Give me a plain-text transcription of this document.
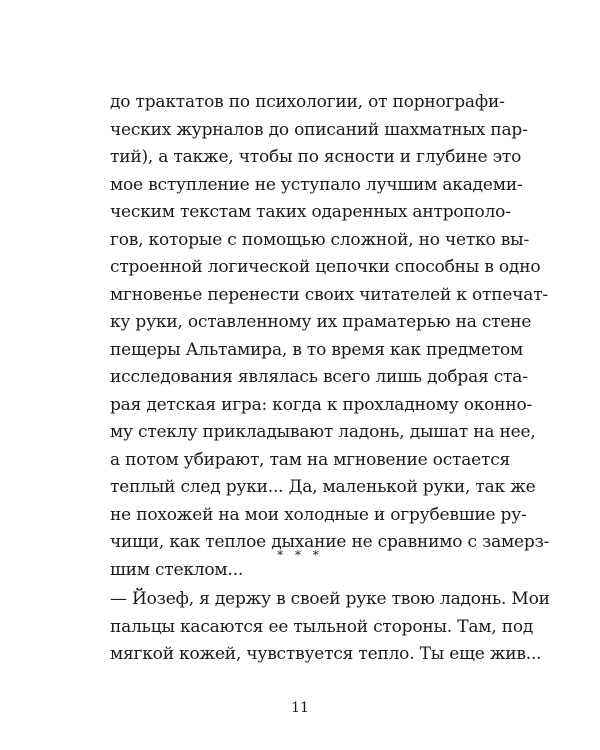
до трактатов по психологии, от порнографи-
ческих журналов до описаний шахматных пар-
тий), а также, чтобы по ясности и глубине это
мое вступление не уступало лучшим академи-
ческим текстам таких одаренных антрополо-
гов, которые с помощью сложной, но четко вы-
строенной логической цепочки способны в одно
мгновенье перенести своих читателей к отпечат-
ку руки, оставленному их праматерью на стене
пещеры Альтамира, в то время как предметом
исследования являлась всего лишь добрая ста-
рая детская игра: когда к прохладному оконно-
му стеклу прикладывают ладонь, дышат на нее,
а потом убирают, там на мгновение остается
теплый след руки... Да, маленькой руки, так же
не похожей на мои холодные и огрубевшие ру-
чищи, как теплое дыхание не сравнимо с замерз-
шим стеклом...
* * *
— Йозеф, я держу в своей руке твою ладонь. Мои
пальцы касаются ее тыльной стороны. Там, под
мягкой кожей, чувствуется тепло. Ты еще жив...
11
